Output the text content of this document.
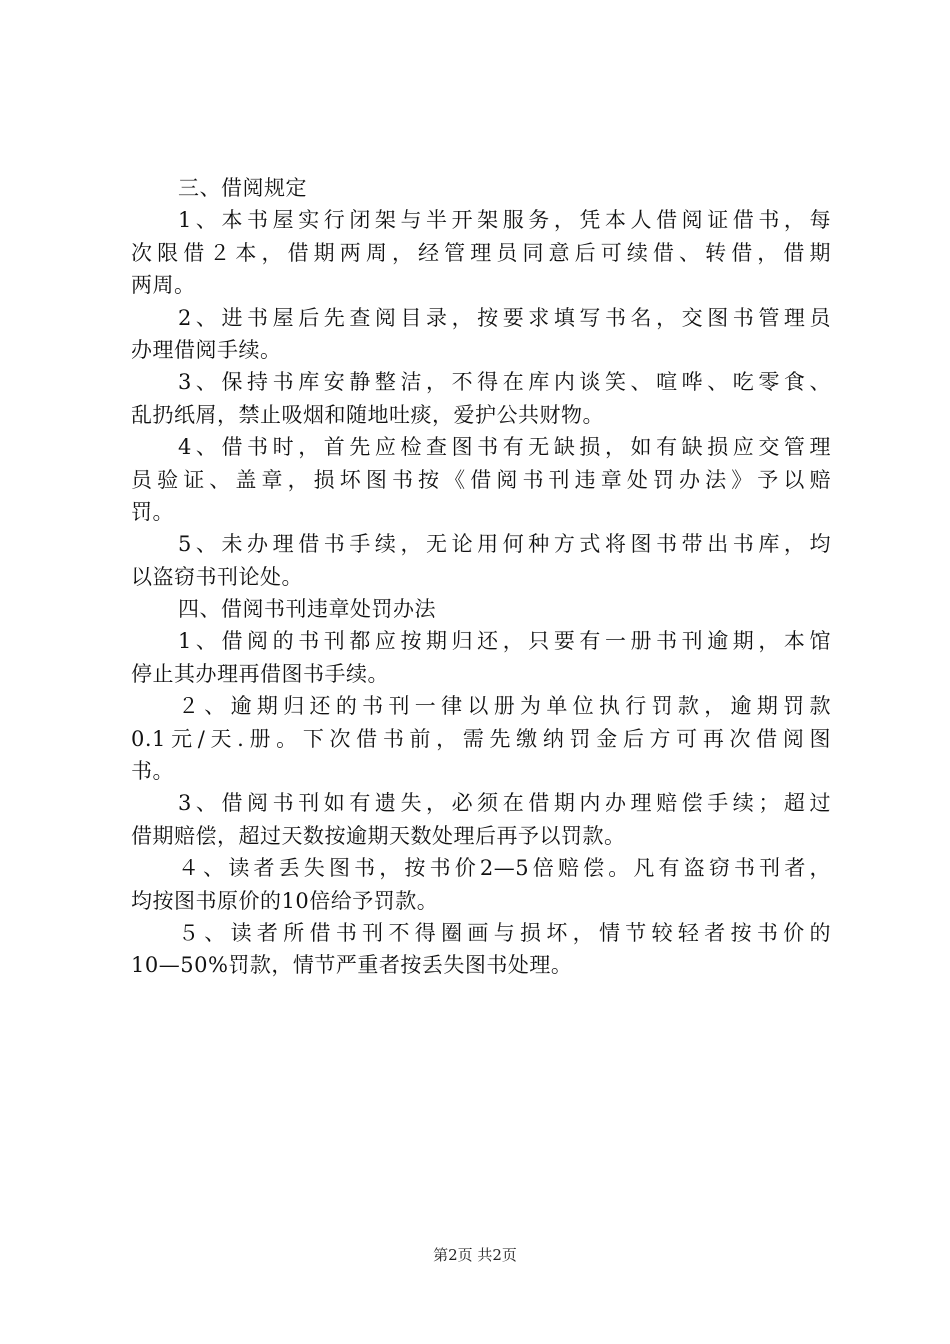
三、借阅规定
1、本书屋实行闭架与半开架服务，凭本人借阅证借书，每
次限借２本，借期两周，经管理员同意后可续借、转借，借期
两周。
2、进书屋后先查阅目录，按要求填写书名，交图书管理员
办理借阅手续。
3、保持书库安静整洁，不得在库内谈笑、喧哗、吃零食、
乱扔纸屑，禁止吸烟和随地吐痰，爱护公共财物。
4、借书时，首先应检查图书有无缺损，如有缺损应交管理
员验证、盖章，损坏图书按《借阅书刊违章处罚办法》予以赔
罚。
5、未办理借书手续，无论用何种方式将图书带出书库，均
以盗窃书刊论处。
四、借阅书刊违章处罚办法
1、借阅的书刊都应按期归还，只要有一册书刊逾期，本馆
停止其办理再借图书手续。
２、逾期归还的书刊一律以册为单位执行罚款，逾期罚款
0.1元/天.册。下次借书前，需先缴纳罚金后方可再次借阅图
书。
3、借阅书刊如有遗失，必须在借期内办理赔偿手续；超过
借期赔偿，超过天数按逾期天数处理后再予以罚款。
４、读者丢失图书，按书价2—5倍赔偿。凡有盗窃书刊者，
均按图书原价的10倍给予罚款。
５、读者所借书刊不得圈画与损坏，情节较轻者按书价的
10—50%罚款，情节严重者按丢失图书处理。
第2页 共2页
